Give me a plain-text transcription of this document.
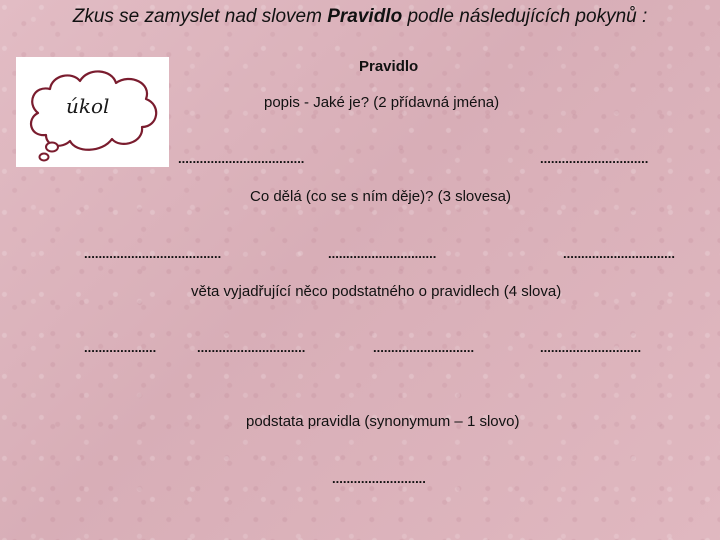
Zkus se zamyslet nad slovem Pravidlo podle následujících pokynů :
úkol
Pravidlo
popis - Jaké je? (2 přídavná jména)
...................................	..............................
Co dělá (co se s ním děje)? (3 slovesa)
......................................	..............................	...............................
věta vyjadřující něco podstatného o pravidlech (4 slova)
....................	..............................	............................	............................
podstata pravidla (synonymum – 1 slovo)
..........................
